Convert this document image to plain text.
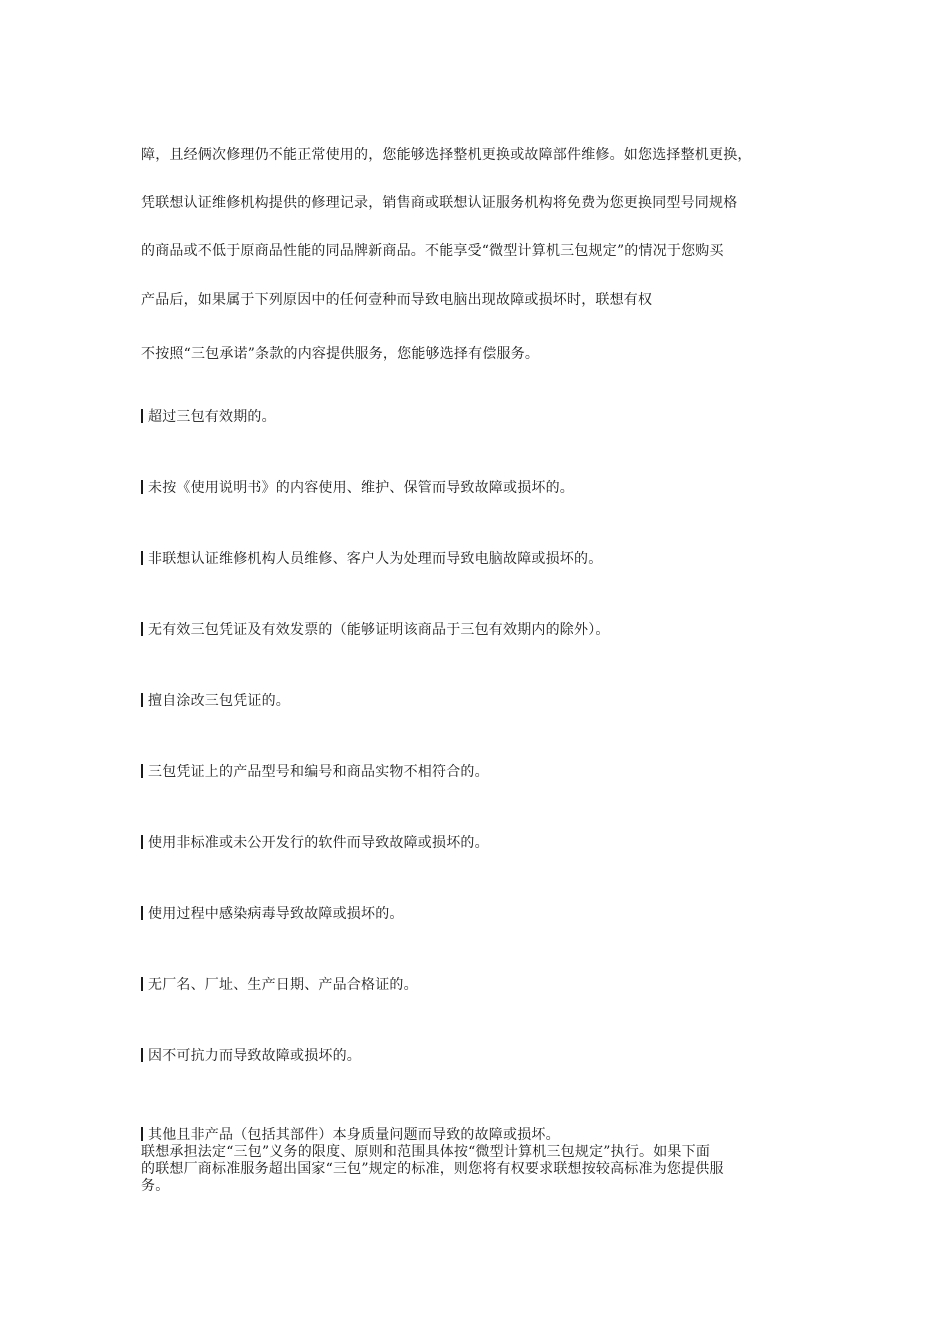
障，且经俩次修理仍不能正常使用的，您能够选择整机更换或故障部件维修。如您选择整机更换，
凭联想认证维修机构提供的修理记录，销售商或联想认证服务机构将免费为您更换同型号同规格
的商品或不低于原商品性能的同品牌新商品。不能享受“微型计算机三包规定”的情况于您购买
产品后，如果属于下列原因中的任何壹种而导致电脑出现故障或损坏时，联想有权
不按照“三包承诺”条款的内容提供服务，您能够选择有偿服务。
超过三包有效期的。
未按《使用说明书》的内容使用、维护、保管而导致故障或损坏的。
非联想认证维修机构人员维修、客户人为处理而导致电脑故障或损坏的。
无有效三包凭证及有效发票的（能够证明该商品于三包有效期内的除外）。
擅自涂改三包凭证的。
三包凭证上的产品型号和编号和商品实物不相符合的。
使用非标准或未公开发行的软件而导致故障或损坏的。
使用过程中感染病毒导致故障或损坏的。
无厂名、厂址、生产日期、产品合格证的。
因不可抗力而导致故障或损坏的。
其他且非产品（包括其部件）本身质量问题而导致的故障或损坏。
联想承担法定“三包”义务的限度、原则和范围具体按“微型计算机三包规定”执行。如果下面
的联想厂商标准服务超出国家“三包”规定的标准，则您将有权要求联想按较高标准为您提供服
务。
